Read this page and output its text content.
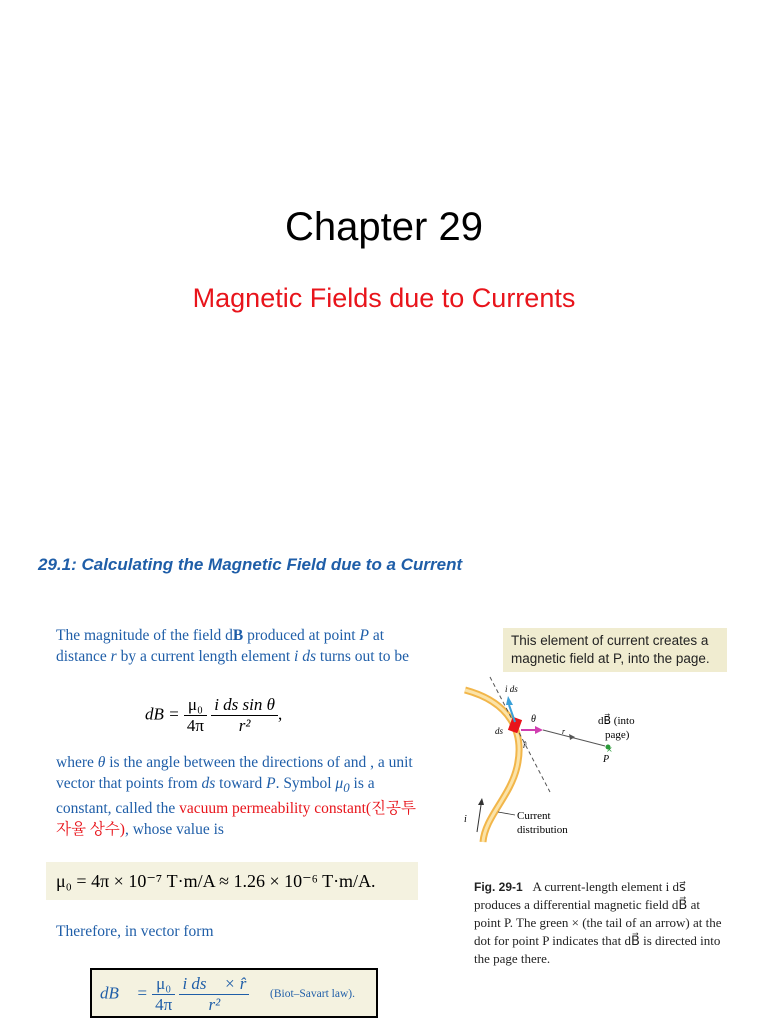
Chapter 29
Magnetic Fields due to Currents
29.1: Calculating the Magnetic Field due to a Current
The magnitude of the field dB produced at point P at distance r by a current length element i ds turns out to be
dB = $\frac{\text{μ₀}}{4\pi}$
$\frac{\text{i ds sin θ}}{\text{r²}}$ ,
where θ is the angle between the directions of and , a unit vector that points from ds toward P. Symbol $\mu_0$ is a constant, called the vacuum permeability constant(진공투자율 상수), whose value is
μ₀ = 4π × 10⁻⁷ T·m/A ≈ 1.26 × 10⁻⁶ T·m/A.
Therefore, in vector form
dB⃗ = $\frac{\text{μ₀}}{4\pi}$
$\frac{\text{i ds⃗ × r̂}}{\text{r²}}$ (Biot–Savart law).
This element of current creates a magnetic field at P, into the page.
×
i ds⃗
θ
r
r̂
ds
P
dB⃗ (into
page)
Current
distribution
i
Fig. 29-1 A current-length element i ds⃗ produces a differential magnetic field dB⃗ at point P. The green × (the tail of an arrow) at the dot for point P indicates that dB⃗ is directed into the page there.
